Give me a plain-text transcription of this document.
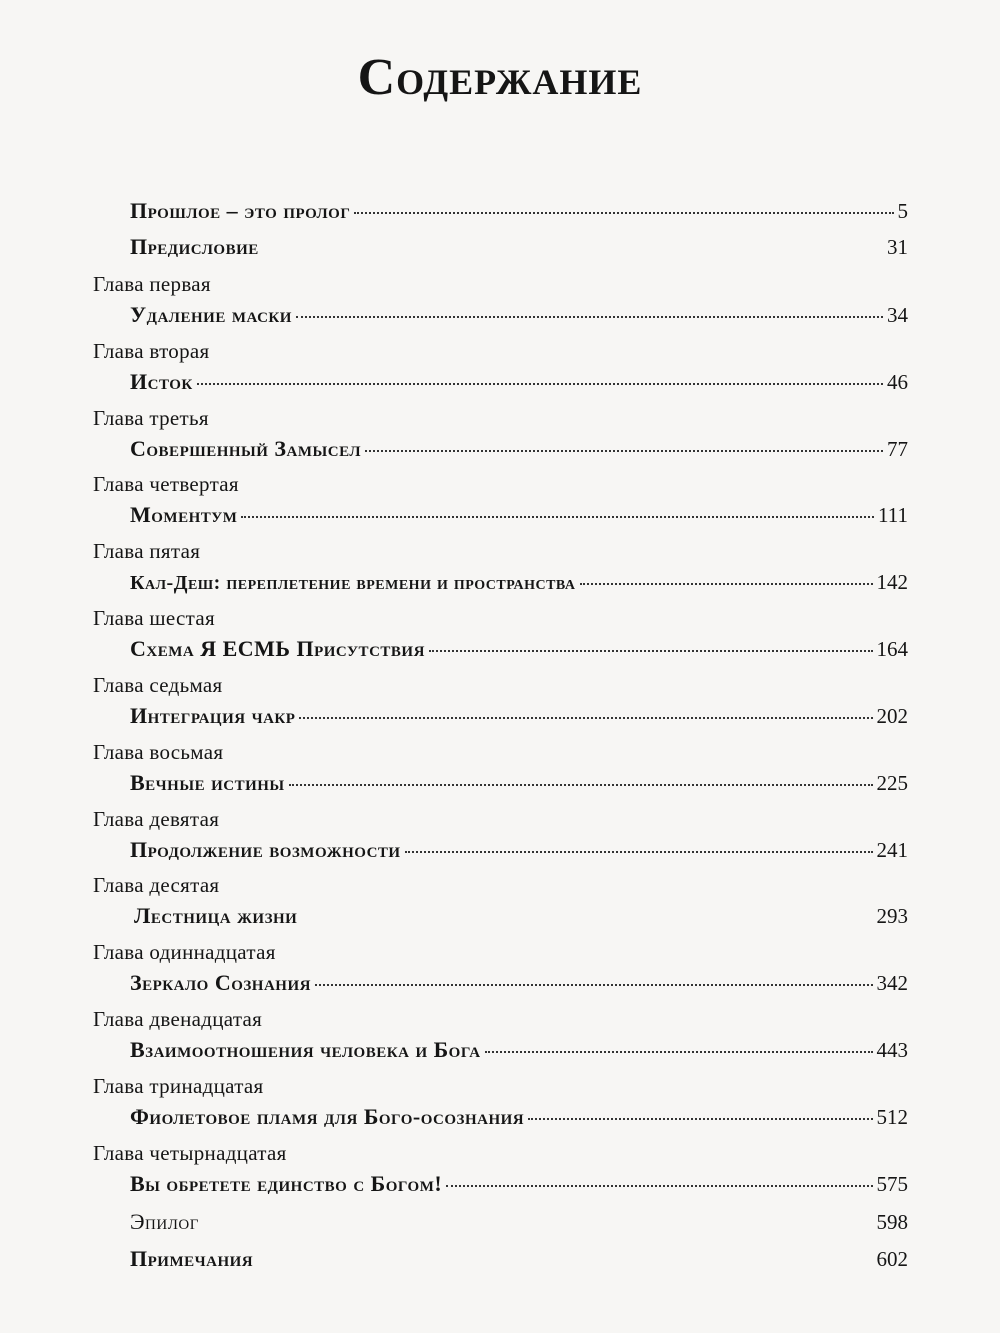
Содержание
Прошлое – это пролог	5
Предисловие	31
Глава первая
Удаление маски	34
Глава вторая
Исток	46
Глава третья
Совершенный Замысел	77
Глава четвертая
Моментум	111
Глава пятая
Кал-Деш: переплетение времени и пространства	142
Глава шестая
Схема Я ЕСМЬ Присутствия	164
Глава седьмая
Интеграция чакр	202
Глава восьмая
Вечные истины	225
Глава девятая
Продолжение возможности	241
Глава десятая
Лестница жизни	293
Глава одиннадцатая
Зеркало Сознания	342
Глава двенадцатая
Взаимоотношения человека и Бога	443
Глава тринадцатая
Фиолетовое пламя для Бого-осознания	512
Глава четырнадцатая
Вы обретете единство с Богом!	575
Эпилог	598
Примечания	602
